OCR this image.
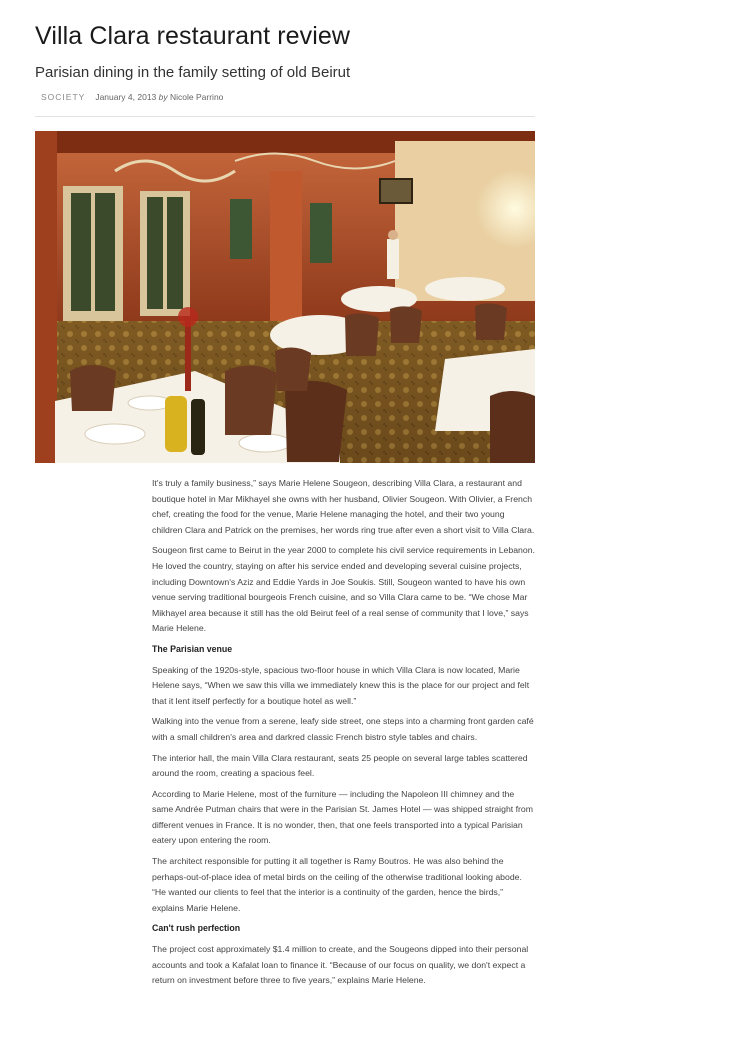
Villa Clara restaurant review
Parisian dining in the family setting of old Beirut
SOCIETY January 4, 2013 by Nicole Parrino

It's truly a family business,” says Marie Helene Sougeon, describing Villa Clara, a restaurant and boutique hotel in Mar Mikhayel she owns with her husband, Olivier Sougeon. With Olivier, a French chef, creating the food for the venue, Marie Helene managing the hotel, and their two young children Clara and Patrick on the premises, her words ring true after even a short visit to Villa Clara.

Sougeon first came to Beirut in the year 2000 to complete his civil service requirements in Lebanon. He loved the country, staying on after his service ended and developing several cuisine projects, including Downtown's Aziz and Eddie Yards in Joe Soukis. Still, Sougeon wanted to have his own venue serving traditional bourgeois French cuisine, and so Villa Clara came to be. “We chose Mar Mikhayel area because it still has the old Beirut feel of a real sense of community that I love,” says Marie Helene.

The Parisian venue

Speaking of the 1920s-style, spacious two-floor house in which Villa Clara is now located, Marie Helene says, “When we saw this villa we immediately knew this is the place for our project and felt that it lent itself perfectly for a boutique hotel as well.”

Walking into the venue from a serene, leafy side street, one steps into a charming front garden café with a small children's area and darkred classic French bistro style tables and chairs.

The interior hall, the main Villa Clara restaurant, seats 25 people on several large tables scattered around the room, creating a spacious feel.

According to Marie Helene, most of the furniture — including the Napoleon III chimney and the same Andrée Putman chairs that were in the Parisian St. James Hotel — was shipped straight from different venues in France. It is no wonder, then, that one feels transported into a typical Parisian eatery upon entering the room.

The architect responsible for putting it all together is Ramy Boutros. He was also behind the perhaps-out-of-place idea of metal birds on the ceiling of the otherwise traditional looking abode. “He wanted our clients to feel that the interior is a continuity of the garden, hence the birds,” explains Marie Helene.

Can't rush perfection

The project cost approximately $1.4 million to create, and the Sougeons dipped into their personal accounts and took a Kafalat loan to finance it. “Because of our focus on quality, we don't expect a return on investment before three to five years,” explains Marie Helene.
